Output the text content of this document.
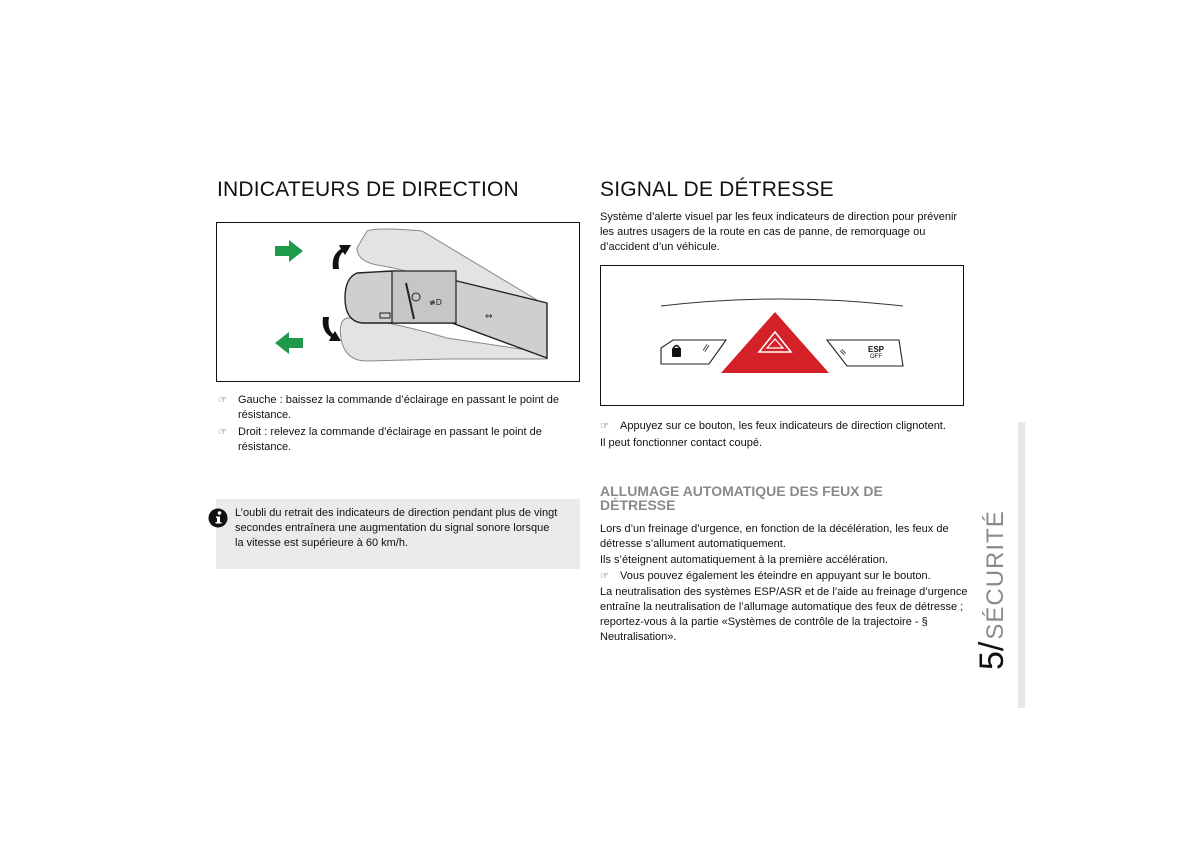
INDICATEURS DE DIRECTION
≢D
⇔
☞ Gauche : baissez la commande d’éclairage en passant le point de résistance.

☞ Droit : relevez la commande d’éclairage en passant le point de résistance.

L’oubli du retrait des indicateurs de direction pendant plus de vingt secondes entraînera une augmentation du signal sonore lorsque la vitesse est supérieure à 60 km/h.

SIGNAL DE DÉTRESSE

Système d’alerte visuel par les feux indicateurs de direction pour prévenir les autres usagers de la route en cas de panne, de remorquage ou d’accident d’un véhicule.

ESP
OFF
☞ Appuyez sur ce bouton, les feux indicateurs de direction clignotent.

Il peut fonctionner contact coupé.

ALLUMAGE AUTOMATIQUE DES FEUX DE DÉTRESSE

Lors d’un freinage d’urgence, en fonction de la décélération, les feux de détresse s’allument automatiquement.

Ils s’éteignent automatiquement à la première accélération.

☞ Vous pouvez également les éteindre en appuyant sur le bouton.

La neutralisation des systèmes ESP/ASR et de l’aide au freinage d’urgence entraîne la neutralisation de l’allumage automatique des feux de détresse ; reportez-vous à la partie «Systèmes de contrôle de la trajectoire - § Neutralisation».

5/
SÉCURITÉ
